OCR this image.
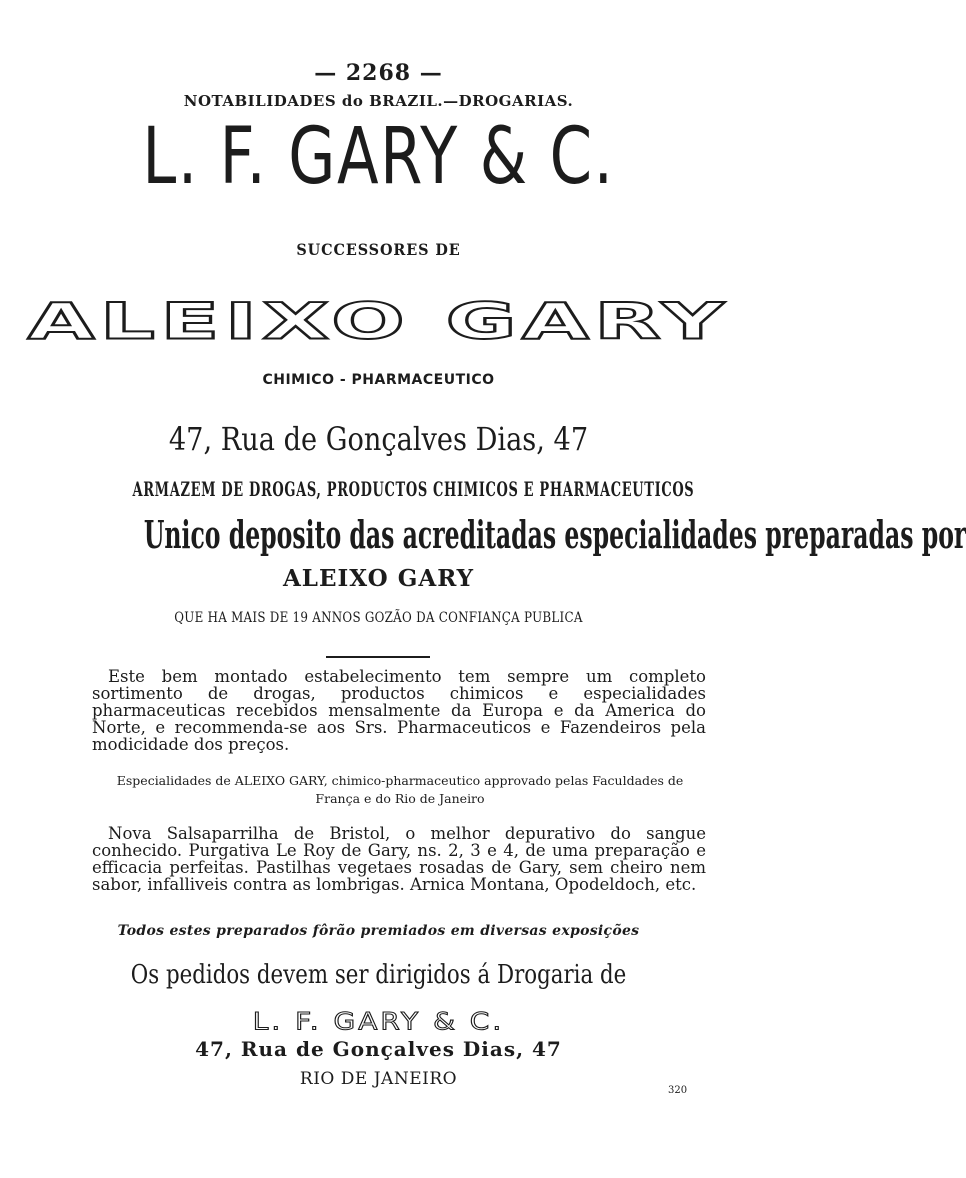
— 2268 —
NOTABILIDADES do BRAZIL.—DROGARIAS.
L. F. GARY & C.
SUCCESSORES DE
ALEIXO GARY
CHIMICO - PHARMACEUTICO
47, Rua de Gonçalves Dias, 47
ARMAZEM DE DROGAS, PRODUCTOS CHIMICOS E PHARMACEUTICOS
Unico deposito das acreditadas especialidades preparadas por
ALEIXO GARY
QUE HA MAIS DE 19 ANNOS GOZÃO DA CONFIANÇA PUBLICA
Este bem montado estabelecimento tem sempre um completo sortimento de drogas, productos chimicos e especialidades pharmaceuticas recebidos mensalmente da Europa e da America do Norte, e recommenda-se aos Srs. Pharmaceuticos e Fazendeiros pela modicidade dos preços.
Especialidades de ALEIXO GARY, chimico-pharmaceutico approvado pelas Faculdades de
França e do Rio de Janeiro
Nova Salsaparrilha de Bristol, o melhor depurativo do sangue conhecido. Purgativa Le Roy de Gary, ns. 2, 3 e 4, de uma preparação e efficacia perfeitas. Pastilhas vegetaes rosadas de Gary, sem cheiro nem sabor, infalliveis contra as lombrigas. Arnica Montana, Opodeldoch, etc.
Todos estes preparados fôrão premiados em diversas exposições
Os pedidos devem ser dirigidos á Drogaria de
L. F. GARY & C.
47, Rua de Gonçalves Dias, 47
RIO DE JANEIRO
320
